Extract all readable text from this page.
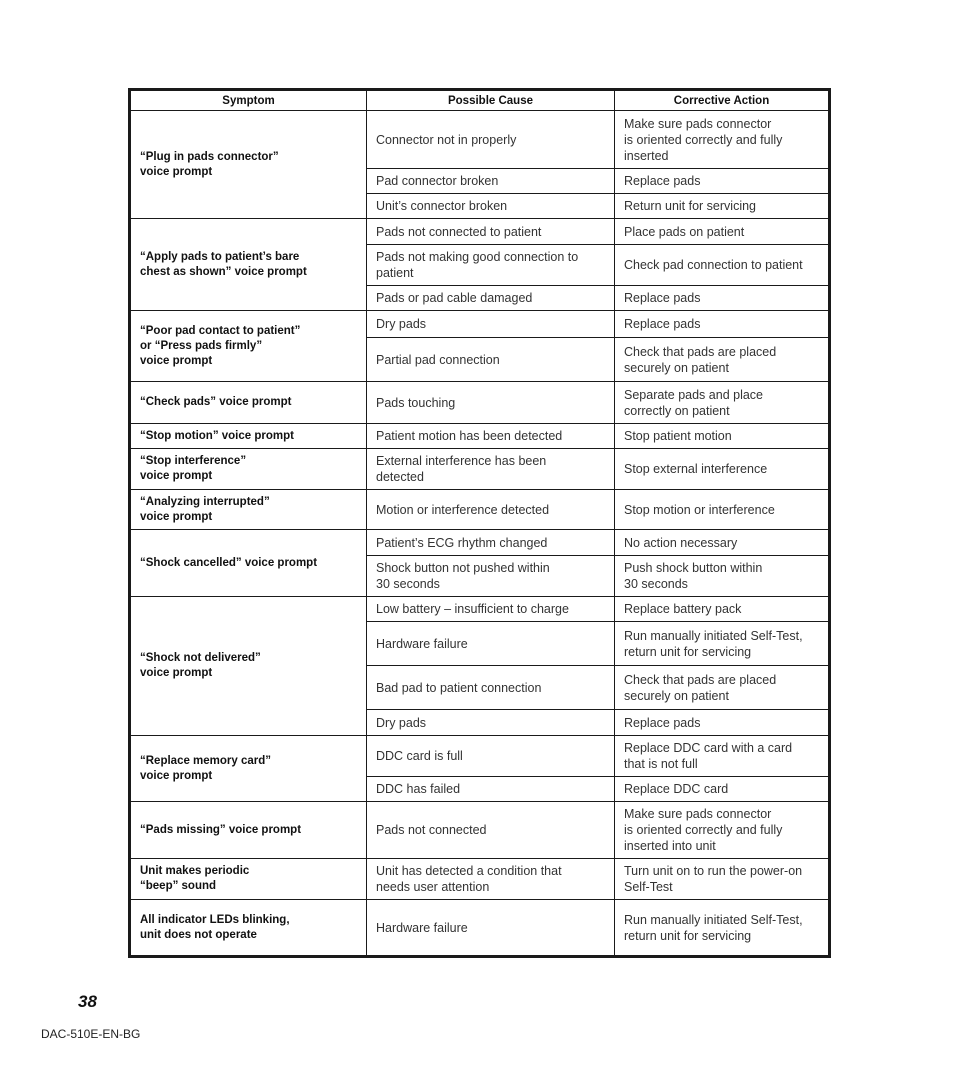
Symptom	Possible Cause	Corrective Action
“Plug in pads connector”
voice prompt	Connector not in properly	Make sure pads connector
is oriented correctly and fully
inserted
	Pad connector broken	Replace pads
	Unit’s connector broken	Return unit for servicing
“Apply pads to patient’s bare
chest as shown” voice prompt	Pads not connected to patient	Place pads on patient
	Pads not making good connection to
patient	Check pad connection to patient
	Pads or pad cable damaged	Replace pads
“Poor pad contact to patient”
or “Press pads firmly”
voice prompt	Dry pads	Replace pads
	Partial pad connection	Check that pads are placed
securely on patient
“Check pads” voice prompt	Pads touching	Separate pads and place
correctly on patient
“Stop motion” voice prompt	Patient motion has been detected	Stop patient motion
“Stop interference”
voice prompt	External interference has been
detected	Stop external interference
“Analyzing interrupted”
voice prompt	Motion or interference detected	Stop motion or interference
“Shock cancelled” voice prompt	Patient’s ECG rhythm changed	No action necessary
	Shock button not pushed within
30 seconds	Push shock button within
30 seconds
“Shock not delivered”
voice prompt	Low battery – insufficient to charge	Replace battery pack
	Hardware failure	Run manually initiated Self-Test,
return unit for servicing
	Bad pad to patient connection	Check that pads are placed
securely on patient
	Dry pads	Replace pads
“Replace memory card”
voice prompt	DDC card is full	Replace DDC card with a card
that is not full
	DDC has failed	Replace DDC card
“Pads missing” voice prompt	Pads not connected	Make sure pads connector
is oriented correctly and fully
inserted into unit
Unit makes periodic
“beep” sound	Unit has detected a condition that
needs user attention	Turn unit on to run the power-on
Self-Test
All indicator LEDs blinking,
unit does not operate	Hardware failure	Run manually initiated Self-Test,
return unit for servicing
38
DAC-510E-EN-BG
